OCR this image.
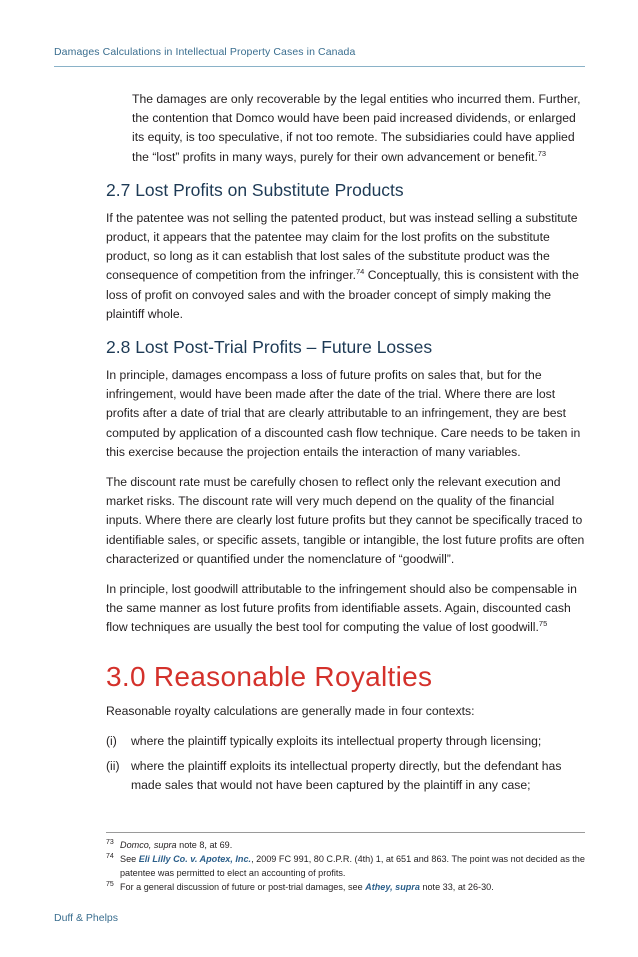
Damages Calculations in Intellectual Property Cases in Canada

The damages are only recoverable by the legal entities who incurred them. Further, the contention that Domco would have been paid increased dividends, or enlarged its equity, is too speculative, if not too remote. The subsidiaries could have applied the “lost” profits in many ways, purely for their own advancement or benefit.$^{73}$

2.7 Lost Profits on Substitute Products

If the patentee was not selling the patented product, but was instead selling a substitute product, it appears that the patentee may claim for the lost profits on the substitute product, so long as it can establish that lost sales of the substitute product was the consequence of competition from the infringer.$^{74}$ Conceptually, this is consistent with the loss of profit on convoyed sales and with the broader concept of simply making the plaintiff whole.

2.8 Lost Post-Trial Profits – Future Losses

In principle, damages encompass a loss of future profits on sales that, but for the infringement, would have been made after the date of the trial. Where there are lost profits after a date of trial that are clearly attributable to an infringement, they are best computed by application of a discounted cash flow technique. Care needs to be taken in this exercise because the projection entails the interaction of many variables.

The discount rate must be carefully chosen to reflect only the relevant execution and market risks. The discount rate will very much depend on the quality of the financial inputs. Where there are clearly lost future profits but they cannot be specifically traced to identifiable sales, or specific assets, tangible or intangible, the lost future profits are often characterized or quantified under the nomenclature of “goodwill”.

In principle, lost goodwill attributable to the infringement should also be compensable in the same manner as lost future profits from identifiable assets. Again, discounted cash flow techniques are usually the best tool for computing the value of lost goodwill.$^{75}$

3.0 Reasonable Royalties

Reasonable royalty calculations are generally made in four contexts:

(i)	where the plaintiff typically exploits its intellectual property through licensing;
(ii) where the plaintiff exploits its intellectual property directly, but the defendant has made sales that would not have been captured by the plaintiff in any case;
73 Domco, supra note 8, at 69.
74 See Eli Lilly Co. v. Apotex, Inc., 2009 FC 991, 80 C.P.R. (4th) 1, at 651 and 863. The point was not decided as the patentee was permitted to elect an accounting of profits.
75 For a general discussion of future or post-trial damages, see Athey, supra note 33, at 26-30.
Duff & Phelps
